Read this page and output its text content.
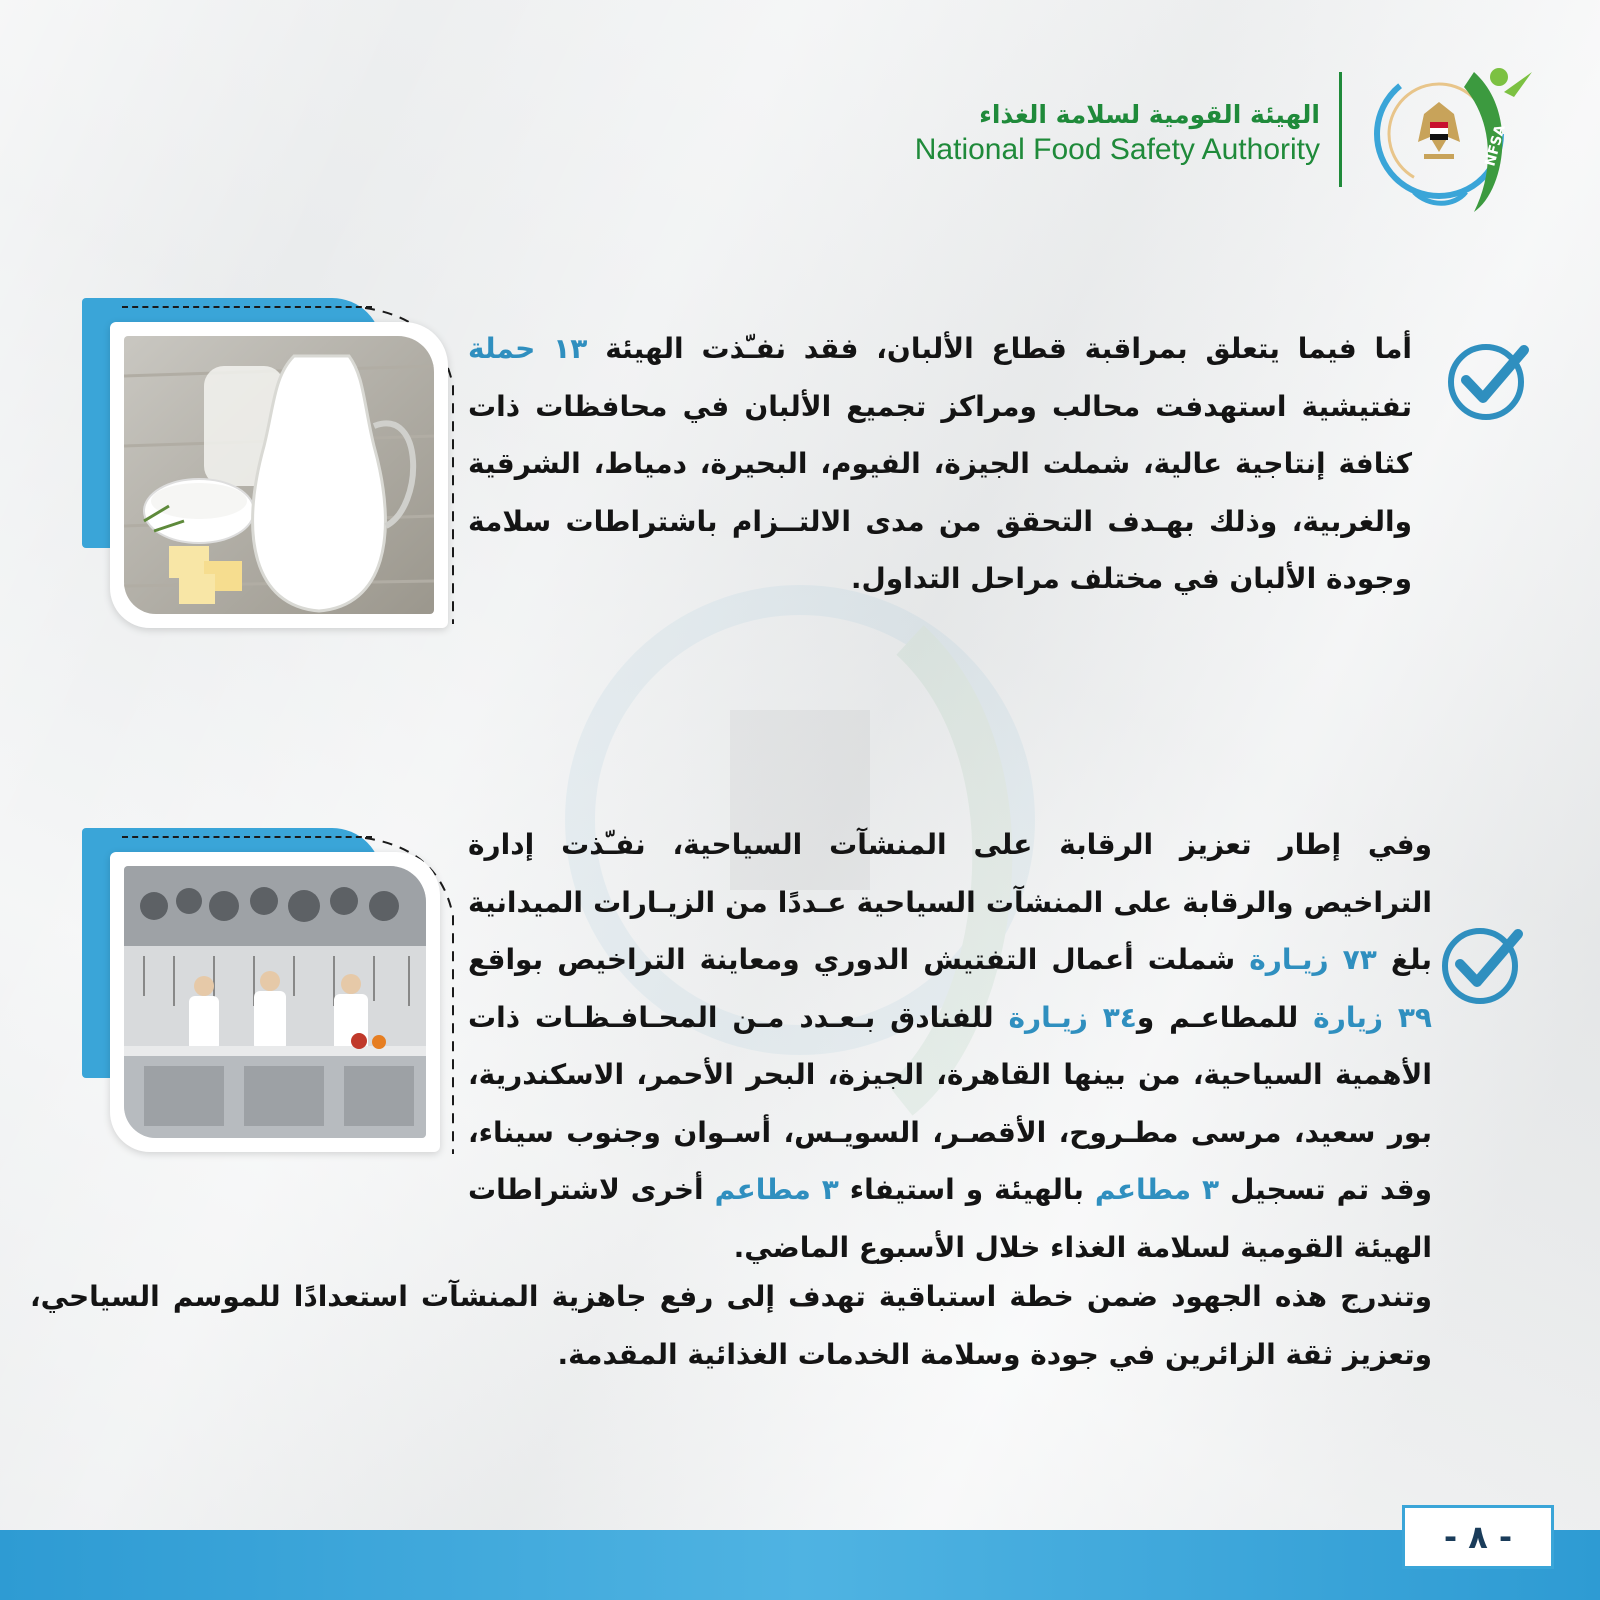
الهيئة القومية لسلامة الغذاء
National Food Safety Authority	NFSA
أما فيما يتعلق بمراقبة قطاع الألبان، فقد نفـّذت الهيئة ١٣ حملة تفتيشية استهدفت محالب ومراكز تجميع الألبان في محافظات ذات كثافة إنتاجية عالية، شملت الجيزة، الفيوم، البحيرة، دمياط، الشرقية والغربية، وذلك بهـدف التحقق من مدى الالتــزام باشتراطات سلامة وجودة الألبان في مختلف مراحل التداول.
وفي إطار تعزيز الرقابة على المنشآت السياحية، نفـّذت إدارة التراخيص والرقابة على المنشآت السياحية عـددًا من الزيـارات الميدانية بلغ ٧٣ زيـارة شملت أعمال التفتيش الدوري ومعاينة التراخيص بواقع ٣٩ زيارة للمطاعـم و٣٤ زيـارة للفنادق بـعـدد مـن المحـافـظـات ذات الأهمية السياحية، من بينها القاهرة، الجيزة، البحر الأحمر، الاسكندرية، بور سعيد، مرسى مطـروح، الأقصـر، السويـس، أسـوان وجنوب سيناء، وقد تم تسجيل ٣ مطاعم بالهيئة و استيفاء ٣ مطاعم أخرى لاشتراطات الهيئة القومية لسلامة الغذاء خلال الأسبوع الماضي.
وتندرج هذه الجهود ضمن خطة استباقية تهدف إلى رفع جاهزية المنشآت استعدادًا للموسم السياحي، وتعزيز ثقة الزائرين في جودة وسلامة الخدمات الغذائية المقدمة.
- ٨ -
